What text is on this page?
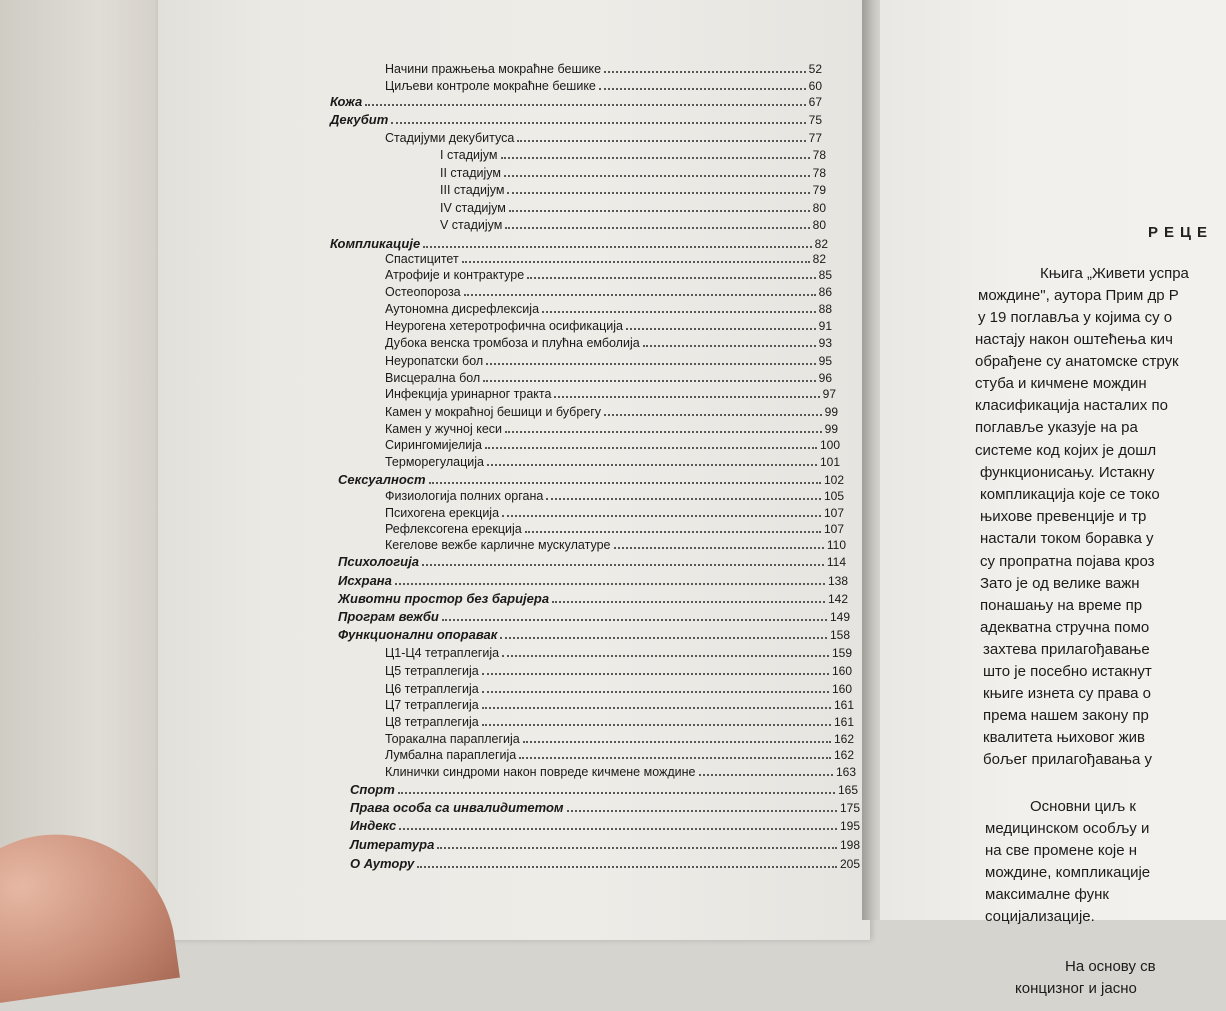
Начини пражњења мокраћне бешике	52
Циљеви контроле мокраћне бешике	60
Кожа	67
Декубит	75
Стадијуми декубитуса	77
I стадијум	78
II стадијум	78
III стадијум	79
IV стадијум	80
V стадијум	80
Компликације	82
Спастицитет	82
Атрофије и контрактуре	85
Остеопороза	86
Аутономна дисрефлексија	88
Неурогена хетеротрофична осификација	91
Дубока венска тромбоза и плућна емболија	93
Неуропатски бол	95
Висцерална бол	96
Инфекција уринарног тракта	97
Камен у мокраћној бешици и бубрегу	99
Камен у жучној кеси	99
Сирингомијелија	100
Терморегулација	101
Сексуалност	102
Физиологија полних органа	105
Психогена ерекција	107
Рефлексогена ерекција	107
Кегелове вежбе карличне мускулатуре	110
Психологија	114
Исхрана	138
Животни простор без баријера	142
Програм вежби	149
Функционални опоравак	158
Ц1-Ц4 тетраплегија	159
Ц5 тетраплегија	160
Ц6 тетраплегија	160
Ц7 тетраплегија	161
Ц8 тетраплегија	161
Торакална параплегија	162
Лумбална параплегија	162
Клинички синдроми након повреде кичмене мождине	163
Спорт	165
Права особа са инвалидитетом	175
Индекс	195
Литература	198
О Аутору	205
РЕЦЕ
Књига „Живети успра
мождине", аутора Прим др Р
у 19 поглавља у којима су о
настају након оштећења кич
обрађене су анатомске струк
стуба и кичмене мождин
класификација насталих по
поглавље указује на ра
системе код којих је дошл
функционисању. Истакну
компликација које се токо
њихове превенције и тр
настали током боравка у
су пропратна појава кроз
Зато је од велике важн
понашању на време пр
адекватна стручна помо
захтева прилагођавање
што је посебно истакнут
књиге изнета су права о
према нашем закону пр
квалитета њиховог жив
бољег прилагођавања у
Основни циљ к
медицинском особљу и
на све промене које н
мождине, компликације
максималне функ
социјализације.
На основу св
концизног и јасно
